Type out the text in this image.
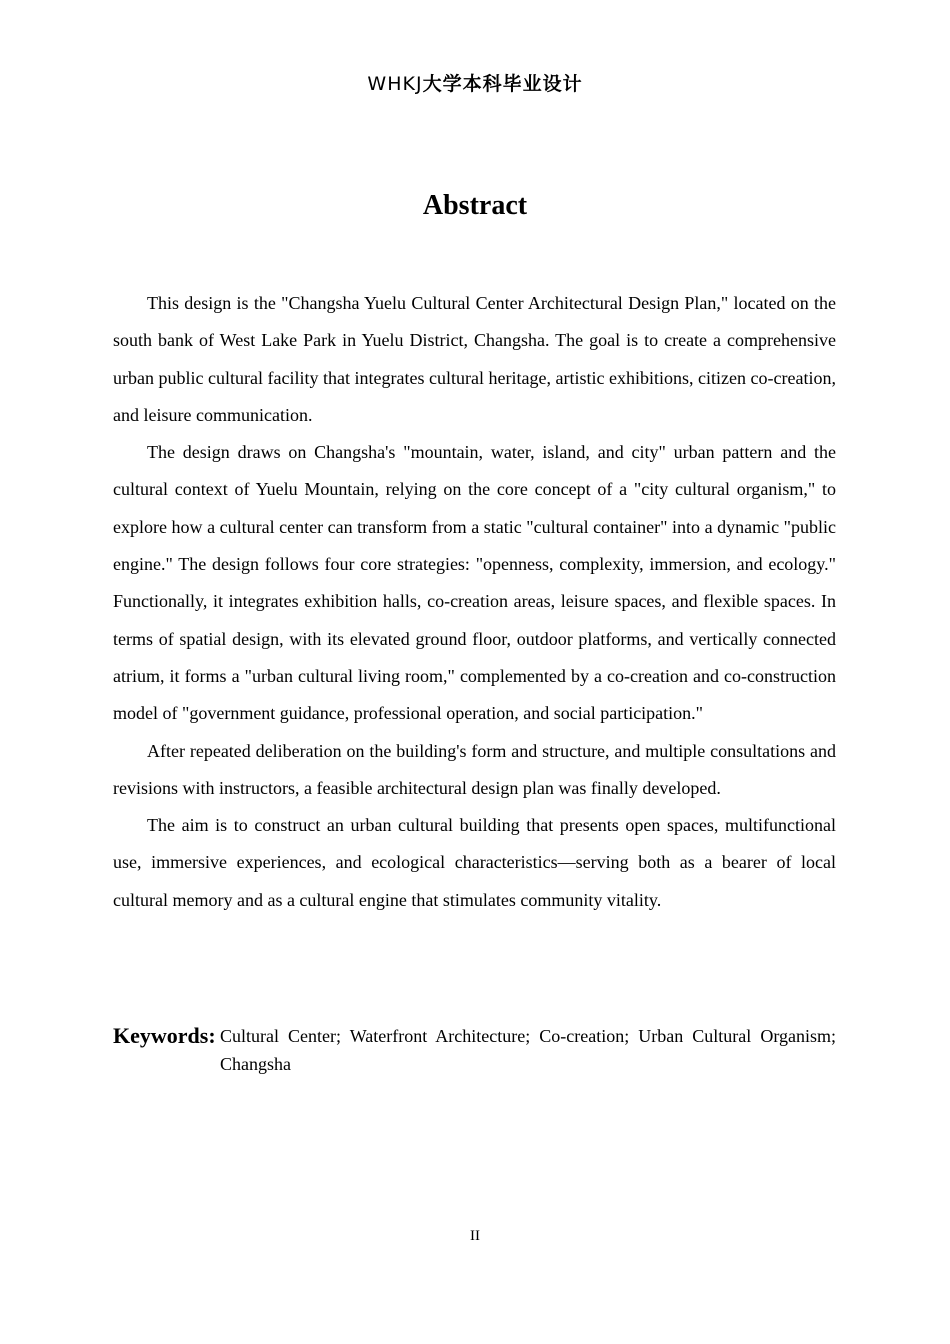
WHKJ大学本科毕业设计
Abstract

This design is the "Changsha Yuelu Cultural Center Architectural Design Plan," located on the south bank of West Lake Park in Yuelu District, Changsha. The goal is to create a comprehensive urban public cultural facility that integrates cultural heritage, artistic exhibitions, citizen co-creation, and leisure communication.

The design draws on Changsha's "mountain, water, island, and city" urban pattern and the cultural context of Yuelu Mountain, relying on the core concept of a "city cultural organism," to explore how a cultural center can transform from a static "cultural container" into a dynamic "public engine." The design follows four core strategies: "openness, complexity, immersion, and ecology." Functionally, it integrates exhibition halls, co-creation areas, leisure spaces, and flexible spaces. In terms of spatial design, with its elevated ground floor, outdoor platforms, and vertically connected atrium, it forms a "urban cultural living room," complemented by a co-creation and co-construction model of "government guidance, professional operation, and social participation."

After repeated deliberation on the building's form and structure, and multiple consultations and revisions with instructors, a feasible architectural design plan was finally developed.

The aim is to construct an urban cultural building that presents open spaces, multifunctional use, immersive experiences, and ecological characteristics—serving both as a bearer of local cultural memory and as a cultural engine that stimulates community vitality.

Keywords: Cultural Center; Waterfront Architecture; Co-creation; Urban Cultural Organism; Changsha
II
